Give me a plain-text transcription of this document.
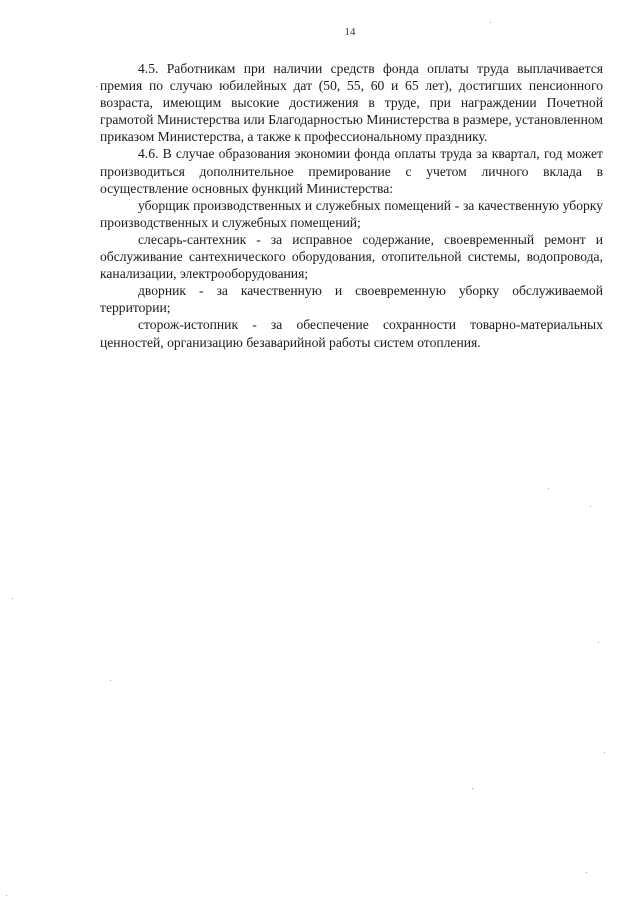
14

4.5. Работникам при наличии средств фонда оплаты труда выплачивается премия по случаю юбилейных дат (50, 55, 60 и 65 лет), достигших пенсионного возраста, имеющим высокие достижения в труде, при награждении Почетной грамотой Министерства или Благодарностью Министерства в размере, установленном приказом Министерства, а также к профессиональному празднику.

4.6. В случае образования экономии фонда оплаты труда за квартал, год может производиться дополнительное премирование с учетом личного вклада в осуществление основных функций Министерства:

уборщик производственных и служебных помещений - за качественную уборку производственных и служебных помещений;

слесарь-сантехник - за исправное содержание, своевременный ремонт и обслуживание сантехнического оборудования, отопительной системы, водопровода, канализации, электрооборудования;

дворник - за качественную и своевременную уборку обслуживаемой территории;

сторож-истопник - за обеспечение сохранности товарно-материальных ценностей, организацию безаварийной работы систем отопления.
